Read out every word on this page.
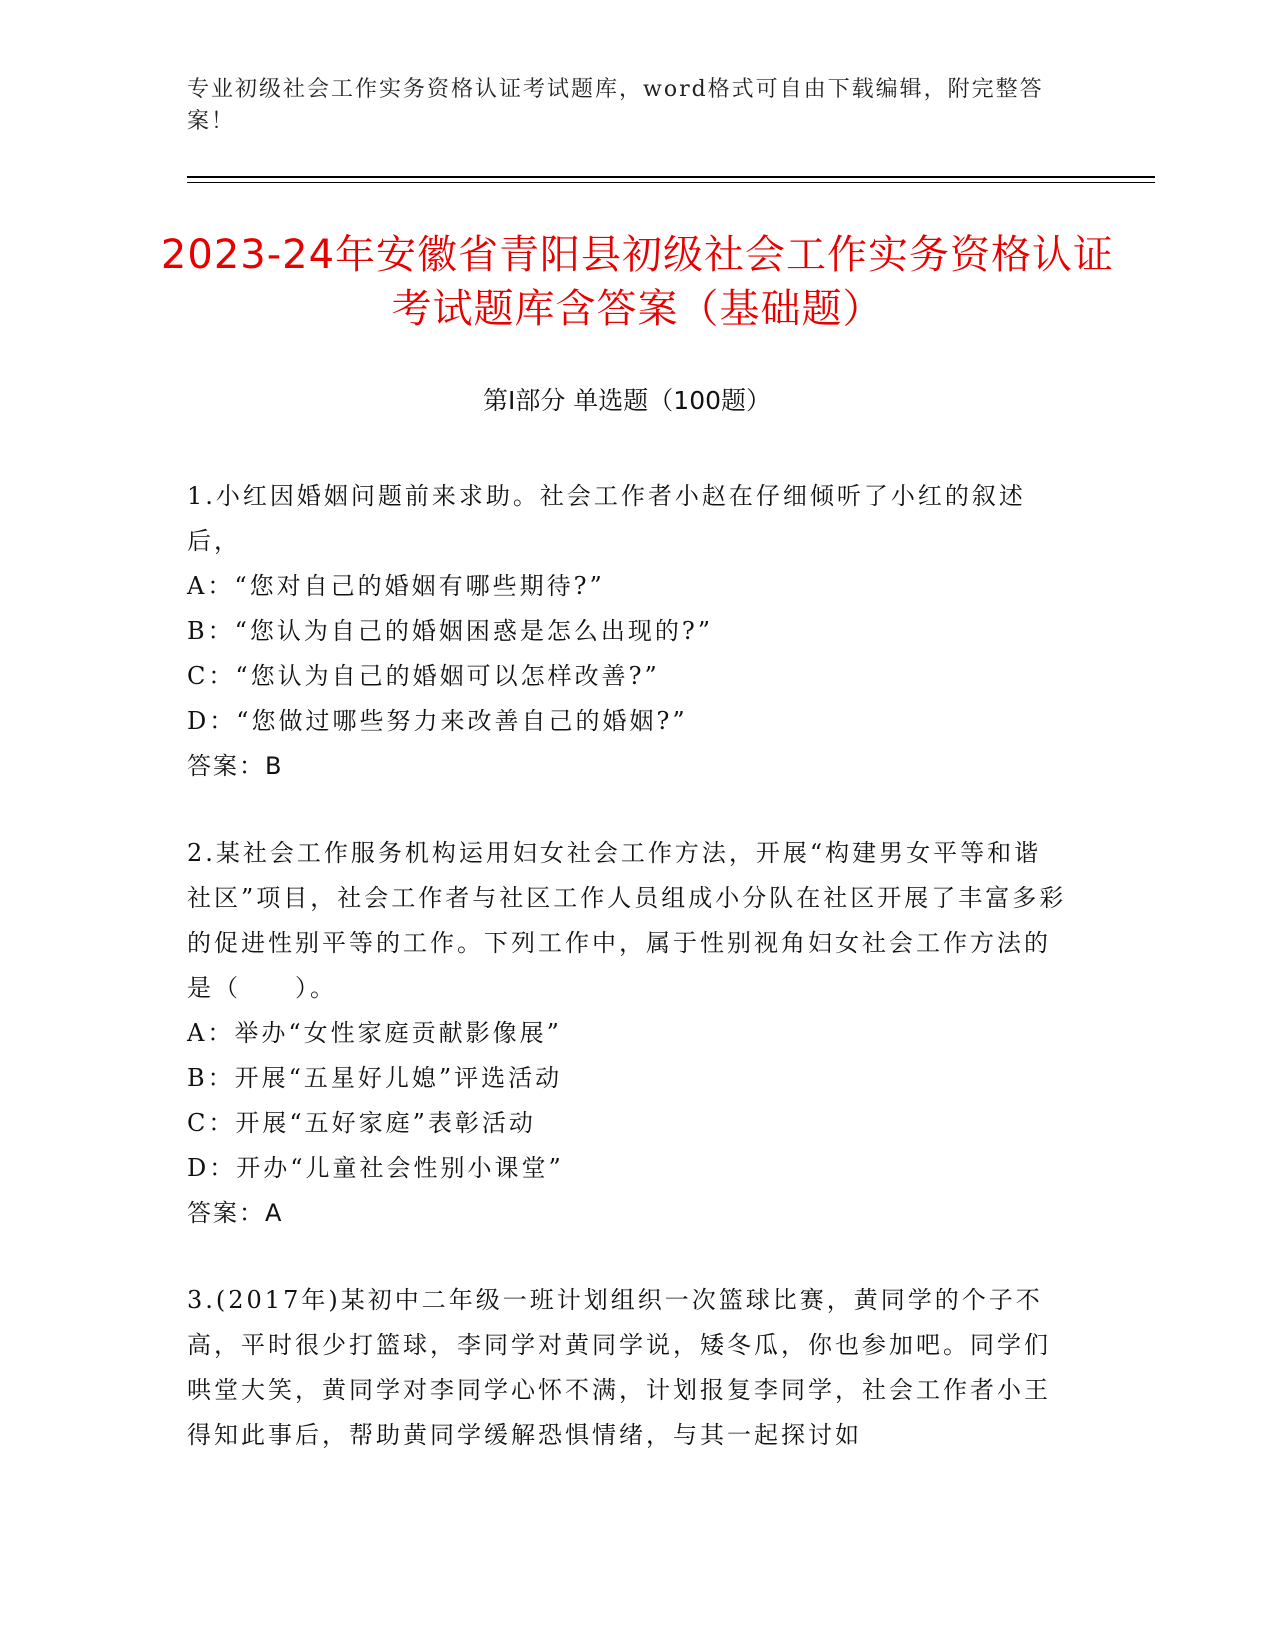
专业初级社会工作实务资格认证考试题库，word格式可自由下载编辑，附完整答案！
2023-24年安徽省青阳县初级社会工作实务资格认证考试题库含答案（基础题）
第Ⅰ部分 单选题（100题）
1.小红因婚姻问题前来求助。社会工作者小赵在仔细倾听了小红的叙述后，
A：“您对自己的婚姻有哪些期待?”
B：“您认为自己的婚姻困惑是怎么出现的?”
C：“您认为自己的婚姻可以怎样改善?”
D：“您做过哪些努力来改善自己的婚姻?”
答案：B
2.某社会工作服务机构运用妇女社会工作方法，开展“构建男女平等和谐社区”项目，社会工作者与社区工作人员组成小分队在社区开展了丰富多彩的促进性别平等的工作。下列工作中，属于性别视角妇女社会工作方法的是（　　）。
A：举办“女性家庭贡献影像展”
B：开展“五星好儿媳”评选活动
C：开展“五好家庭”表彰活动
D：开办“儿童社会性别小课堂”
答案：A
3.(2017年)某初中二年级一班计划组织一次篮球比赛，黄同学的个子不高，平时很少打篮球，李同学对黄同学说，矮冬瓜，你也参加吧。同学们哄堂大笑，黄同学对李同学心怀不满，计划报复李同学，社会工作者小王得知此事后，帮助黄同学缓解恐惧情绪，与其一起探讨如
